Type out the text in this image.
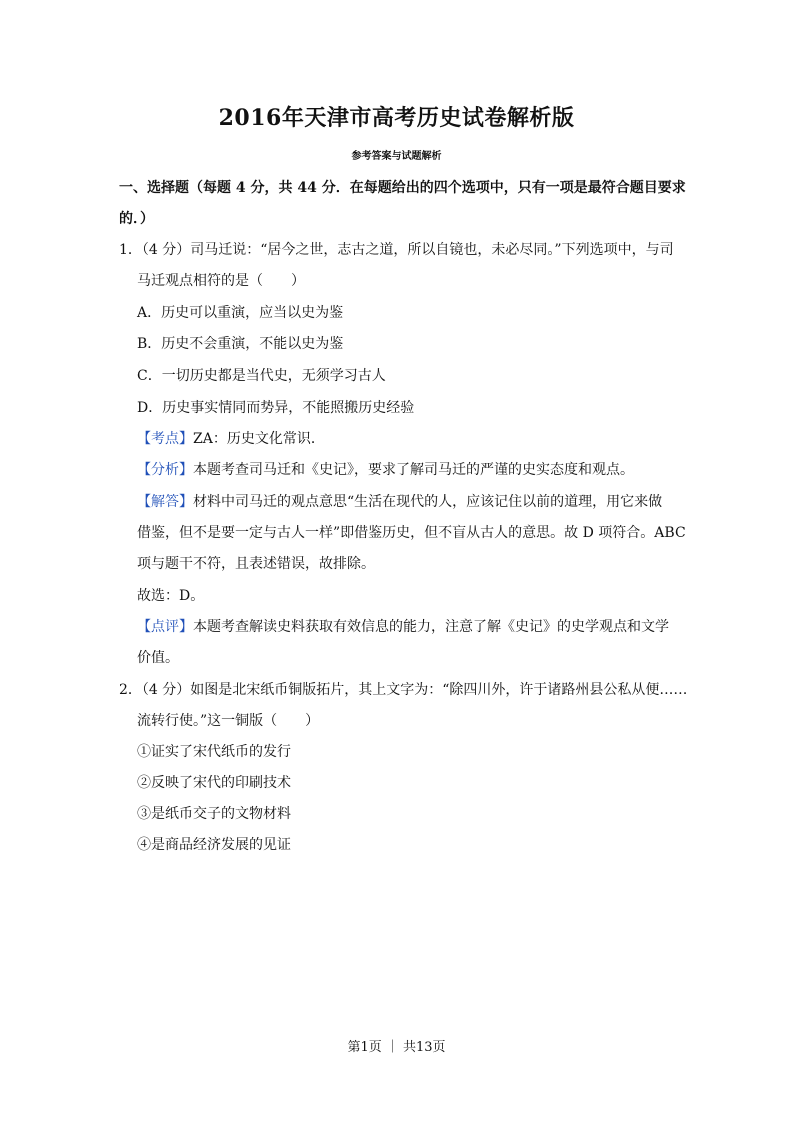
2016年天津市高考历史试卷解析版
参考答案与试题解析
一、选择题（每题 4 分，共 44 分．在每题给出的四个选项中，只有一项是最符合题目要求
的．）
1．（4 分）司马迁说：“居今之世，志古之道，所以自镜也，未必尽同。”下列选项中，与司
马迁观点相符的是（　　）
A．历史可以重演，应当以史为鉴
B．历史不会重演，不能以史为鉴
C．一切历史都是当代史，无须学习古人
D．历史事实情同而势异，不能照搬历史经验
【考点】ZA：历史文化常识．
【分析】本题考查司马迁和《史记》，要求了解司马迁的严谨的史实态度和观点。
【解答】材料中司马迁的观点意思“生活在现代的人，应该记住以前的道理，用它来做
借鉴，但不是要一定与古人一样”即借鉴历史，但不盲从古人的意思。故 D 项符合。ABC
项与题干不符，且表述错误，故排除。
故选：D。
【点评】本题考查解读史料获取有效信息的能力，注意了解《史记》的史学观点和文学
价值。
2．（4 分）如图是北宋纸币铜版拓片，其上文字为：“除四川外，许于诸路州县公私从便……
流转行使。”这一铜版（　　）
①证实了宋代纸币的发行
②反映了宋代的印刷技术
③是纸币交子的文物材料
④是商品经济发展的见证
第1页 ｜ 共13页
